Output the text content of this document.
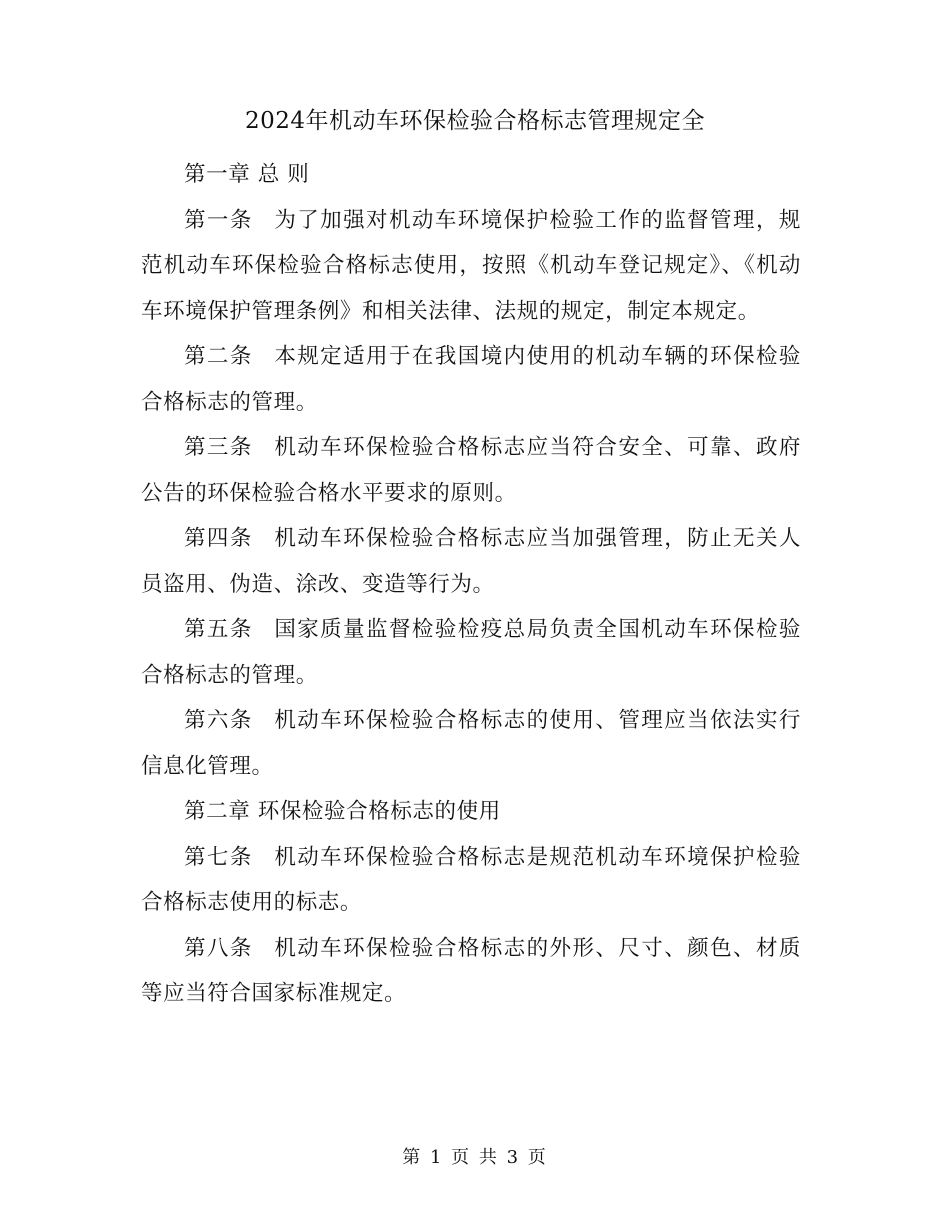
2024年机动车环保检验合格标志管理规定全

第一章 总 则

第一条 为了加强对机动车环境保护检验工作的监督管理，规范机动车环保检验合格标志使用，按照《机动车登记规定》、《机动车环境保护管理条例》和相关法律、法规的规定，制定本规定。

第二条 本规定适用于在我国境内使用的机动车辆的环保检验合格标志的管理。

第三条 机动车环保检验合格标志应当符合安全、可靠、政府公告的环保检验合格水平要求的原则。

第四条 机动车环保检验合格标志应当加强管理，防止无关人员盗用、伪造、涂改、变造等行为。

第五条 国家质量监督检验检疫总局负责全国机动车环保检验合格标志的管理。

第六条 机动车环保检验合格标志的使用、管理应当依法实行信息化管理。

第二章 环保检验合格标志的使用

第七条 机动车环保检验合格标志是规范机动车环境保护检验合格标志使用的标志。

第八条 机动车环保检验合格标志的外形、尺寸、颜色、材质等应当符合国家标准规定。

第 1 页 共 3 页
